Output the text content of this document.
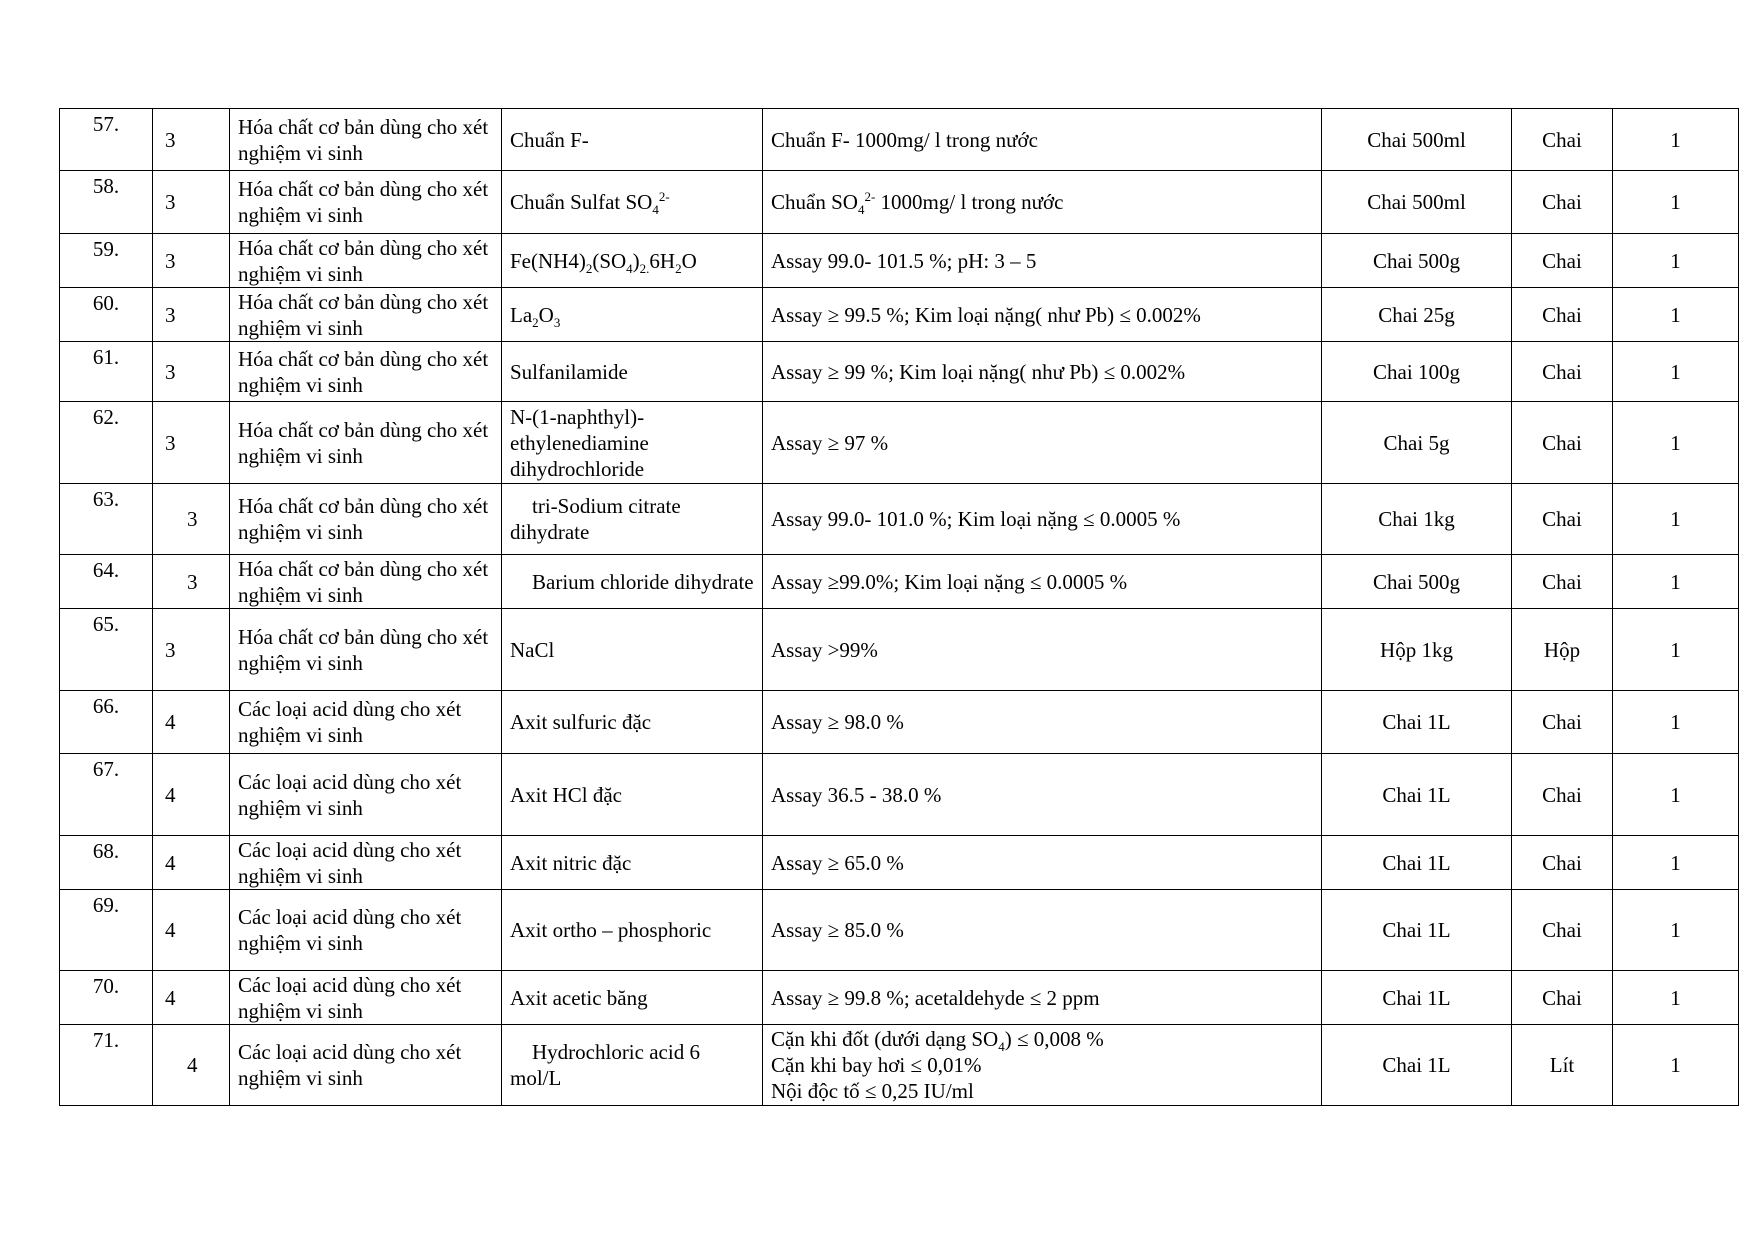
57.	3	Hóa chất cơ bản dùng cho xét nghiệm vi sinh	Chuẩn F-	Chuẩn F- 1000mg/ l trong nước	Chai 500ml	Chai	1
58.	3	Hóa chất cơ bản dùng cho xét nghiệm vi sinh	Chuẩn Sulfat $SO_4^{2-}$	Chuẩn $SO_4^{2-}$ 1000mg/ l trong nước	Chai 500ml	Chai	1
59.	3	Hóa chất cơ bản dùng cho xét nghiệm vi sinh	$Fe(NH4)_2(SO_4)_{2.}6H_2O$	Assay 99.0- 101.5 %; pH: 3 – 5	Chai 500g	Chai	1
60.	3	Hóa chất cơ bản dùng cho xét nghiệm vi sinh	$La_2O_3$	Assay ≥ 99.5 %; Kim loại nặng( như Pb) ≤ 0.002%	Chai 25g	Chai	1
61.	3	Hóa chất cơ bản dùng cho xét nghiệm vi sinh	Sulfanilamide	Assay ≥ 99 %; Kim loại nặng( như Pb) ≤ 0.002%	Chai 100g	Chai	1
62.	3	Hóa chất cơ bản dùng cho xét nghiệm vi sinh	N-(1-naphthyl)-ethylenediamine dihydrochloride	Assay ≥ 97 %	Chai 5g	Chai	1
63.	3	Hóa chất cơ bản dùng cho xét nghiệm vi sinh	tri-Sodium citrate dihydrate	Assay 99.0- 101.0 %; Kim loại nặng ≤ 0.0005 %	Chai 1kg	Chai	1
64.	3	Hóa chất cơ bản dùng cho xét nghiệm vi sinh	Barium chloride dihydrate	Assay ≥99.0%; Kim loại nặng ≤ 0.0005 %	Chai 500g	Chai	1
65.	3	Hóa chất cơ bản dùng cho xét nghiệm vi sinh	NaCl	Assay >99%	Hộp 1kg	Hộp	1
66.	4	Các loại acid dùng cho xét nghiệm vi sinh	Axit sulfuric đặc	Assay ≥ 98.0 %	Chai 1L	Chai	1
67.	4	Các loại acid dùng cho xét nghiệm vi sinh	Axit HCl đặc	Assay 36.5 - 38.0 %	Chai 1L	Chai	1
68.	4	Các loại acid dùng cho xét nghiệm vi sinh	Axit nitric đặc	Assay ≥ 65.0 %	Chai 1L	Chai	1
69.	4	Các loại acid dùng cho xét nghiệm vi sinh	Axit ortho – phosphoric	Assay ≥ 85.0 %	Chai 1L	Chai	1
70.	4	Các loại acid dùng cho xét nghiệm vi sinh	Axit acetic băng	Assay ≥ 99.8 %; acetaldehyde ≤ 2 ppm	Chai 1L	Chai	1
71.	4	Các loại acid dùng cho xét nghiệm vi sinh	Hydrochloric acid 6 mol/L	Cặn khi đốt (dưới dạng $SO_4) \le 0,008$ %
Cặn khi bay hơi ≤ 0,01%
Nội độc tố ≤ 0,25 IU/ml	Chai 1L	Lít	1
